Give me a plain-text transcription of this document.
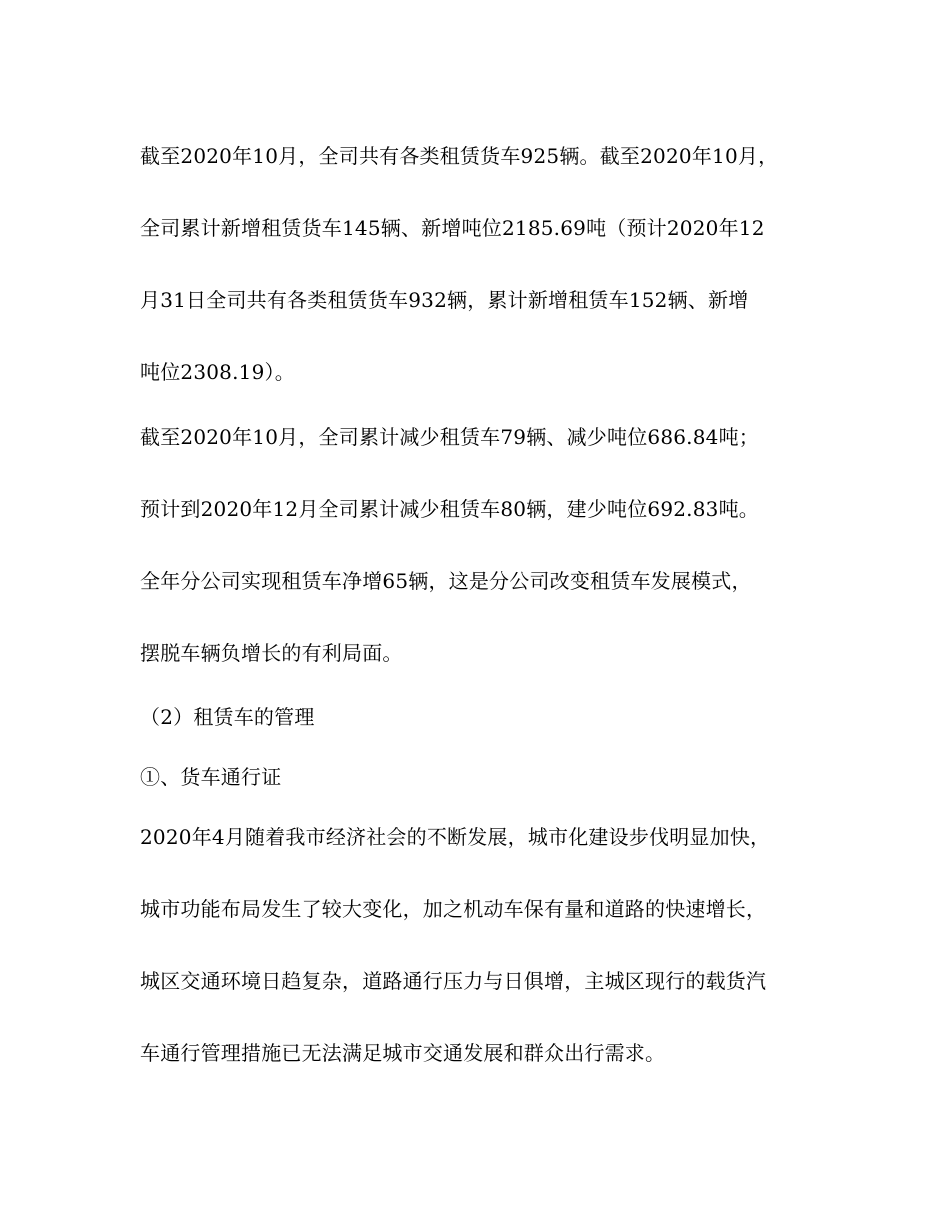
截至2020年10月，全司共有各类租赁货车925辆。截至2020年10月，
全司累计新增租赁货车145辆、新增吨位2185.69吨（预计2020年12
月31日全司共有各类租赁货车932辆，累计新增租赁车152辆、新增
吨位2308.19）。
截至2020年10月，全司累计减少租赁车79辆、减少吨位686.84吨；
预计到2020年12月全司累计减少租赁车80辆，建少吨位692.83吨。
全年分公司实现租赁车净增65辆，这是分公司改变租赁车发展模式，
摆脱车辆负增长的有利局面。
（2）租赁车的管理
①、货车通行证
2020年4月随着我市经济社会的不断发展，城市化建设步伐明显加快，
城市功能布局发生了较大变化，加之机动车保有量和道路的快速增长，
城区交通环境日趋复杂，道路通行压力与日俱增，主城区现行的载货汽
车通行管理措施已无法满足城市交通发展和群众出行需求。
